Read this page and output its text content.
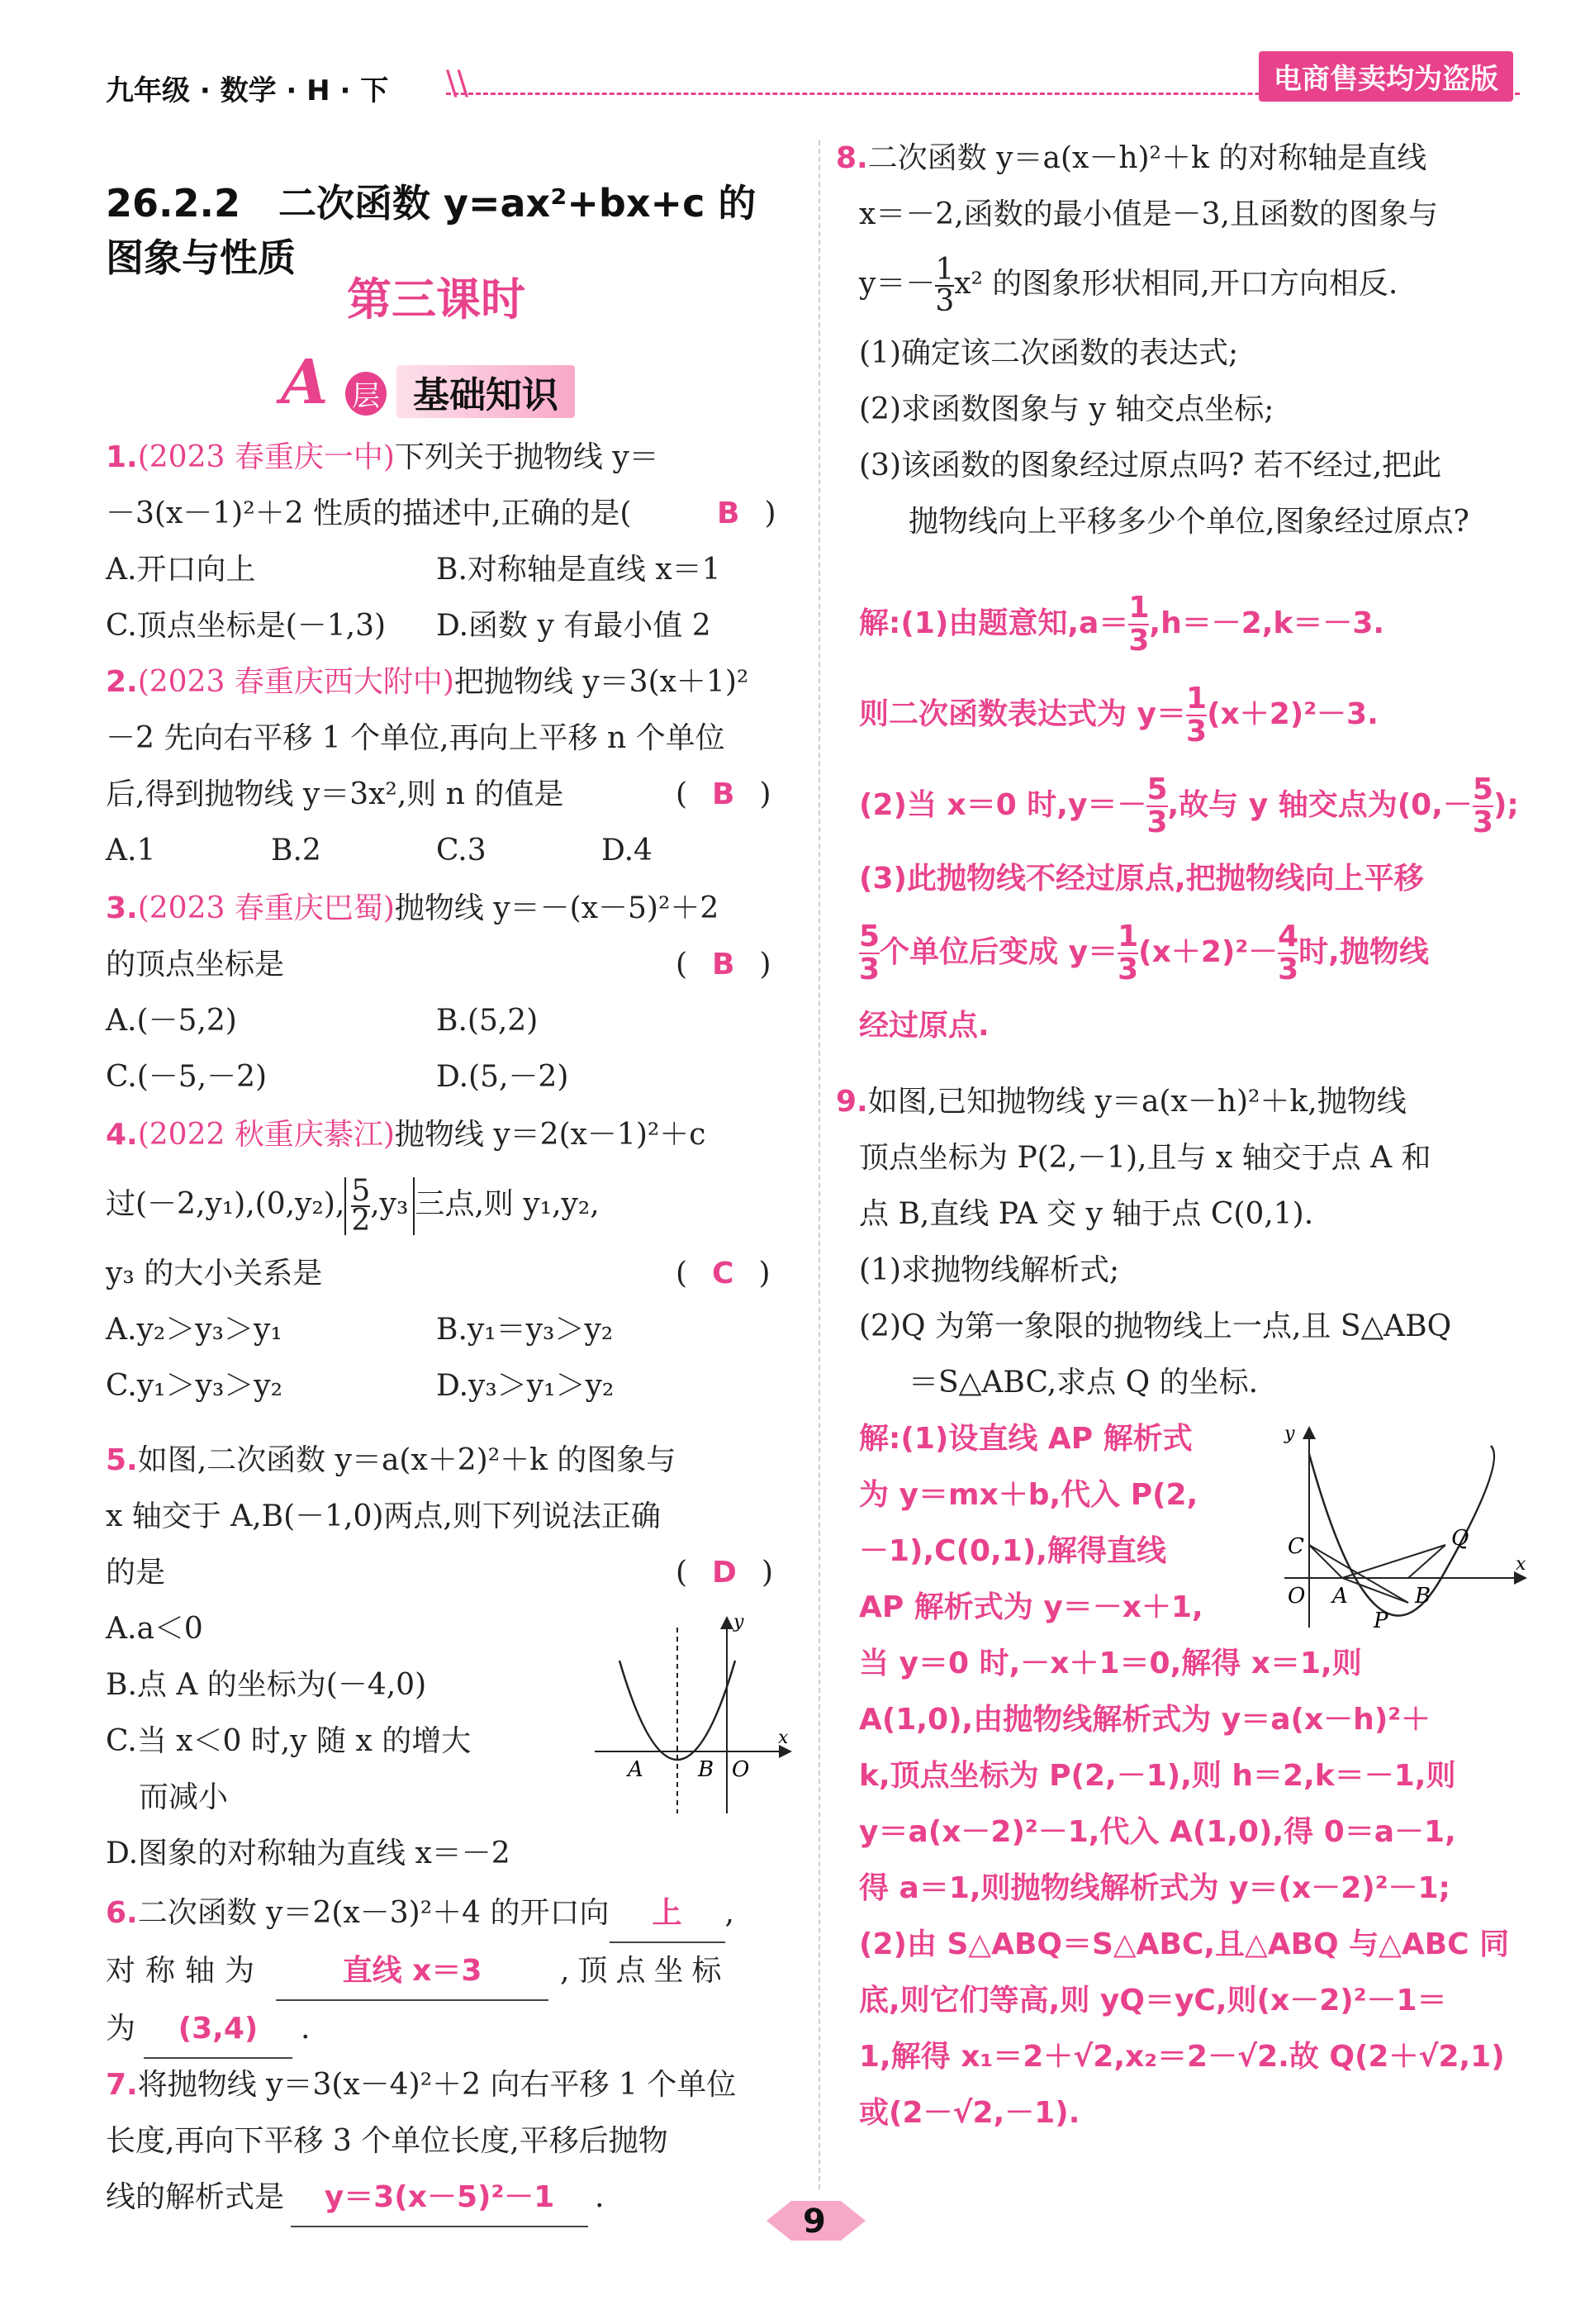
九年级 · 数学 · H · 下 \\	电商售卖均为盗版
26.2.2　二次函数 y=ax²+bx+c 的图象与性质
第三课时
A 层 基础知识
1.(2023 春重庆一中)下列关于抛物线 y＝
－3(x－1)²＋2 性质的描述中,正确的是(	B )
A.开口向上	B.对称轴是直线 x＝1
C.顶点坐标是(－1,3) D.函数 y 有最小值 2
2.(2023 春重庆西大附中)把抛物线 y＝3(x＋1)²
－2 先向右平移 1 个单位,再向上平移 n 个单位
后,得到抛物线 y＝3x²,则 n 的值是	( B )
A.1	B.2	C.3	D.4
3.(2023 春重庆巴蜀)抛物线 y＝－(x－5)²＋2
的顶点坐标是	( B )
A.(－5,2)	B.(5,2)
C.(－5,－2)	D.(5,－2)
4.(2022 秋重庆綦江)抛物线 y＝2(x－1)²＋c
过(－2,y₁),(0,y₂), $\frac{5}{2} ,y_3$ 三点,则 y₁,y₂,
y₃ 的大小关系是	( C )
A.y₂＞y₃＞y₁	B.y₁＝y₃＞y₂
C.y₁＞y₃＞y₂	D.y₃＞y₁＞y₂
5.如图,二次函数 y＝a(x＋2)²＋k 的图象与
x 轴交于 A,B(－1,0)两点,则下列说法正确
的是	( D )
A.a＜0
B.点 A 的坐标为(－4,0)
C.当 x＜0 时,y 随 x 的增大
而减小
D.图象的对称轴为直线 x＝－2
A	B O
x
y
6.二次函数 y＝2(x－3)²＋4 的开口向 上 ,
对称轴为	直线 x＝3	,顶点坐标
为 (3,4) .
7.将抛物线 y＝3(x－4)²＋2 向右平移 1 个单位
长度,再向下平移 3 个单位长度,平移后抛物
线的解析式是 y＝3(x－5)²－1 .
8.二次函数 y＝a(x－h)²＋k 的对称轴是直线
x＝－2,函数的最小值是－3,且函数的图象与
$y=- \frac{1}{3} x^2$ 的图象形状相同,开口方向相反.
(1)确定该二次函数的表达式;
(2)求函数图象与 y 轴交点坐标;
(3)该函数的图象经过原点吗? 若不经过,把此
抛物线向上平移多少个单位,图象经过原点?
解:(1)由题意知$,a= \frac{1}{3} ,h=-2,k=-3$.
则二次函数表达式为 $y= \frac{1}{3} (x+2)^2-3$.
(2)当 x＝0 时$,y=- \frac{5}{3}$ ,故与 y 轴交点为($0,- \frac{5}{3}$ );
(3)此抛物线不经过原点,把抛物线向上平移
$\frac{5}{3}$ 个单位后变成 $y= \frac{1}{3} (x+2)^2- \frac{4}{3}$ 时,抛物线
经过原点.
9.如图,已知抛物线 y＝a(x－h)²＋k,抛物线
顶点坐标为 P(2,－1),且与 x 轴交于点 A 和
点 B,直线 PA 交 y 轴于点 C(0,1).
(1)求抛物线解析式;
(2)Q 为第一象限的抛物线上一点,且 S△ABQ
＝S△ABC,求点 Q 的坐标.
解:(1)设直线 AP 解析式
为 y＝mx＋b,代入 P(2,
－1),C(0,1),解得直线
AP 解析式为 y＝－x＋1,
当 y＝0 时,－x＋1＝0,解得 x＝1,则
A(1,0),由抛物线解析式为 y＝a(x－h)²＋
k,顶点坐标为 P(2,－1),则 h＝2,k＝－1,则
y＝a(x－2)²－1,代入 A(1,0),得 0＝a－1,
得 a＝1,则抛物线解析式为 y＝(x－2)²－1;
(2)由 S△ABQ＝S△ABC,且△ABQ 与△ABC 同
底,则它们等高,则 yQ＝yC,则(x－2)²－1＝
1,解得 x₁＝2＋√2,x₂＝2－√2.故 Q(2＋√2,1)
或(2－√2,－1).
C	Q
O A	B
P
x
y
9
